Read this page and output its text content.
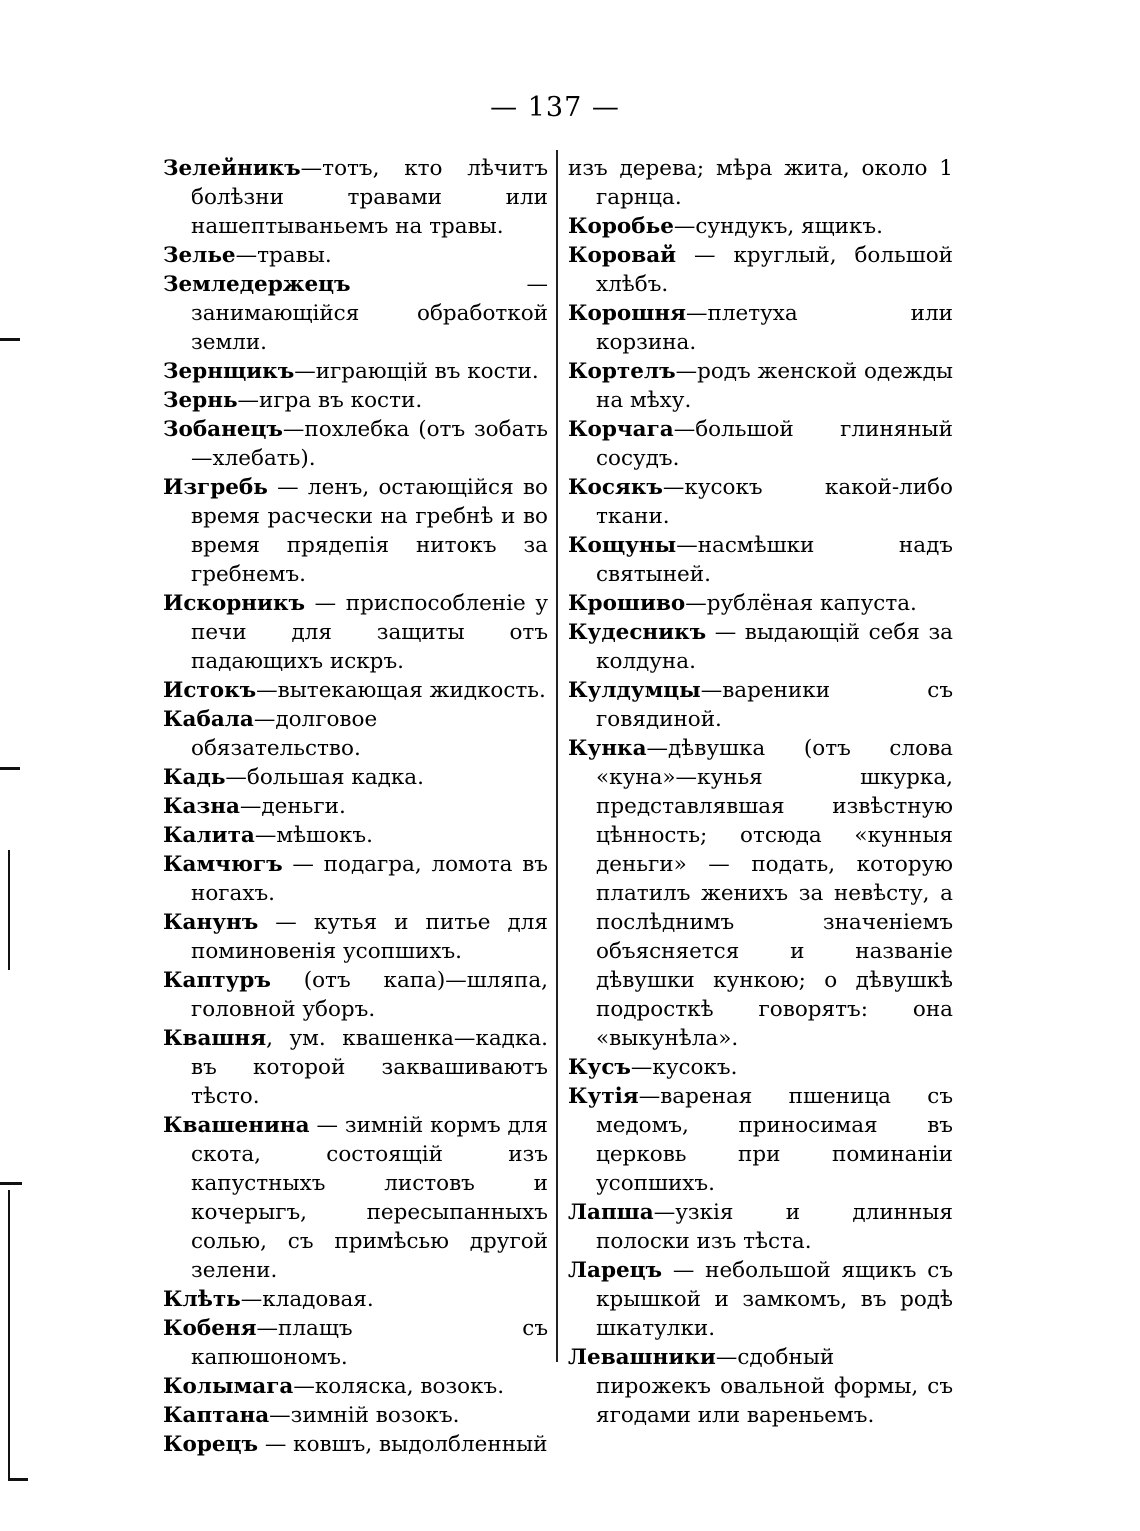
— 137 —
Зелейникъ—тотъ, кто лѣчитъ болѣзни травами или нашептываньемъ на травы.
Зелье—травы.
Земледержецъ — занимающійся обработкой земли.
Зернщикъ—играющій въ кости.
Зернь—игра въ кости.
Зобанецъ—похлебка (отъ зобать—хлебать).
Изгребь — ленъ, остающійся во время расчески на гребнѣ и во время прядепія нитокъ за гребнемъ.
Искорникъ — приспособленіе у печи для защиты отъ падающихъ искръ.
Истокъ—вытекающая жидкость.
Кабала—долговое обязательство.
Кадь—большая кадка.
Казна—деньги.
Калита—мѣшокъ.
Камчюгъ — подагра, ломота въ ногахъ.
Канунъ — кутья и питье для поминовенія усопшихъ.
Каптуръ (отъ капа)—шляпа, головной уборъ.
Квашня, ум. квашенка—кадка. въ которой заквашиваютъ тѣсто.
Квашенина — зимній кормъ для скота, состоящій изъ капустныхъ листовъ и кочерыгъ, пересыпанныхъ солью, съ примѣсью другой зелени.
Клѣть—кладовая.
Кобеня—плащъ съ капюшономъ.
Колымага—коляска, возокъ.
Каптана—зимній возокъ.
Корецъ — ковшъ, выдолбленный
изъ дерева; мѣра жита, около 1 гарнца.
Коробье—сундукъ, ящикъ.
Коровай — круглый, большой хлѣбъ.
Корошня—плетуха или корзина.
Кортелъ—родъ женской одежды на мѣху.
Корчага—большой глиняный сосудъ.
Косякъ—кусокъ какой-либо ткани.
Кощуны—насмѣшки надъ святыней.
Крошиво—рублёная капуста.
Кудесникъ — выдающій себя за колдуна.
Кулдумцы—вареники съ говядиной.
Кунка—дѣвушка (отъ слова «куна»—кунья шкурка, представлявшая извѣстную цѣнность; отсюда «кунныя деньги» — подать, которую платилъ женихъ за невѣсту, а послѣднимъ значеніемъ объясняется и названіе дѣвушки кункою; о дѣвушкѣ подросткѣ говорятъ: она «выкунѣла».
Кусъ—кусокъ.
Кутія—вареная пшеница съ медомъ, приносимая въ церковь при поминаніи усопшихъ.
Лапша—узкія и длинныя полоски изъ тѣста.
Ларецъ — небольшой ящикъ съ крышкой и замкомъ, въ родѣ шкатулки.
Левашники—сдобный пирожекъ овальной формы, съ ягодами или вареньемъ.
